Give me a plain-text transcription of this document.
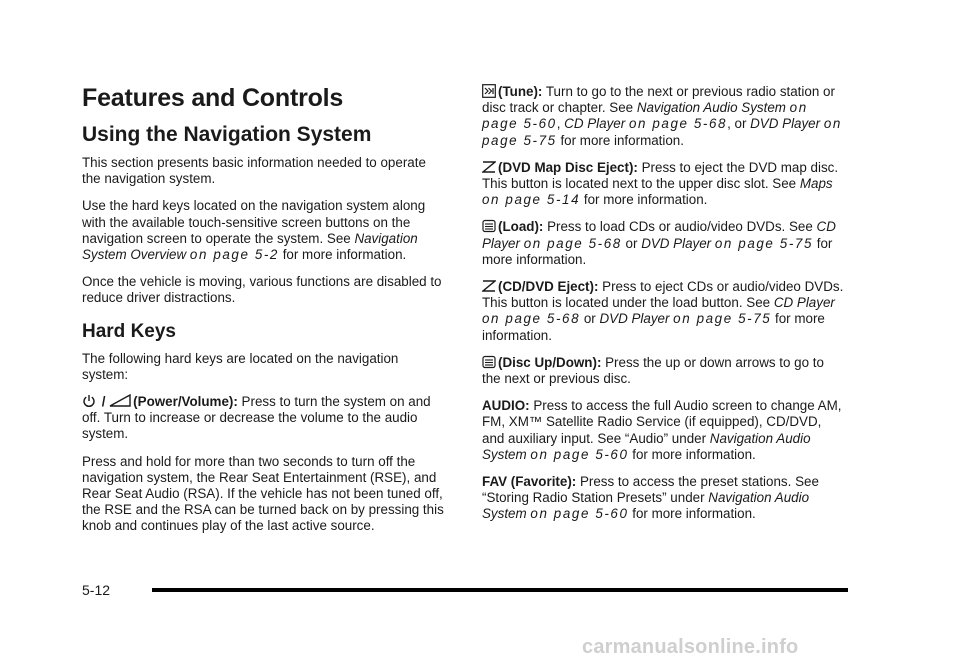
Features and Controls
Using the Navigation System

This section presents basic information needed to operate the navigation system.

Use the hard keys located on the navigation system along with the available touch-sensitive screen buttons on the navigation screen to operate the system. See Navigation System Overview on page 5-2 for more information.

Once the vehicle is moving, various functions are disabled to reduce driver distractions.

Hard Keys

The following hard keys are located on the navigation system:

/
(Power/Volume): Press to turn the system on and off. Turn to increase or decrease the volume to the audio system.

Press and hold for more than two seconds to turn off the navigation system, the Rear Seat Entertainment (RSE), and Rear Seat Audio (RSA). If the vehicle has not been tuned off, the RSE and the RSA can be turned back on by pressing this knob and continues play of the last active source.

(Tune): Turn to go to the next or previous radio station or disc track or chapter. See Navigation Audio System on page 5-60, CD Player on page 5-68, or DVD Player on page 5-75 for more information.

(DVD Map Disc Eject): Press to eject the DVD map disc. This button is located next to the upper disc slot. See Maps on page 5-14 for more information.

(Load): Press to load CDs or audio/video DVDs. See CD Player on page 5-68 or DVD Player on page 5-75 for more information.

(CD/DVD Eject): Press to eject CDs or audio/video DVDs. This button is located under the load button. See CD Player on page 5-68 or DVD Player on page 5-75 for more information.

(Disc Up/Down): Press the up or down arrows to go to the next or previous disc.

AUDIO: Press to access the full Audio screen to change AM, FM, XM™ Satellite Radio Service (if equipped), CD/DVD, and auxiliary input. See “Audio” under Navigation Audio System on page 5-60 for more information.

FAV (Favorite): Press to access the preset stations. See “Storing Radio Station Presets” under Navigation Audio System on page 5-60 for more information.

5-12
carmanualsonline.info
